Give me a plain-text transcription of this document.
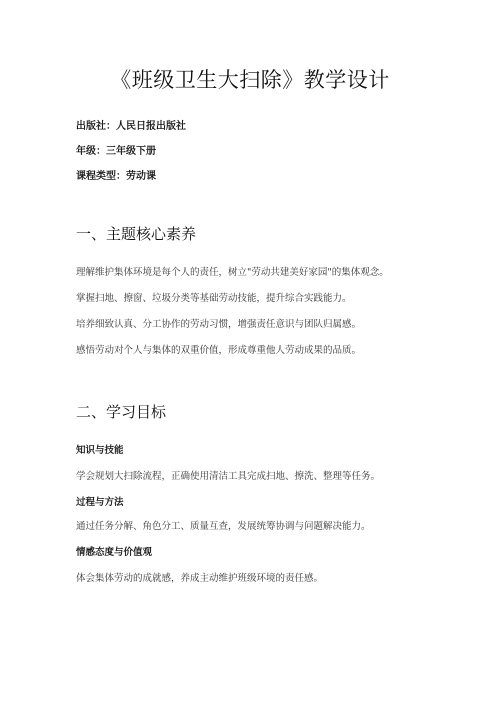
《班级卫生大扫除》教学设计
出版社：人民日报出版社
年级：三年级下册
课程类型：劳动课
一、主题核心素养
理解维护集体环境是每个人的责任，树立"劳动共建美好家园"的集体观念。
掌握扫地、擦窗、垃圾分类等基础劳动技能，提升综合实践能力。
培养细致认真、分工协作的劳动习惯，增强责任意识与团队归属感。
感悟劳动对个人与集体的双重价值，形成尊重他人劳动成果的品质。
二、学习目标
知识与技能
学会规划大扫除流程，正确使用清洁工具完成扫地、擦洗、整理等任务。
过程与方法
通过任务分解、角色分工、质量互查，发展统筹协调与问题解决能力。
情感态度与价值观
体会集体劳动的成就感，养成主动维护班级环境的责任感。
